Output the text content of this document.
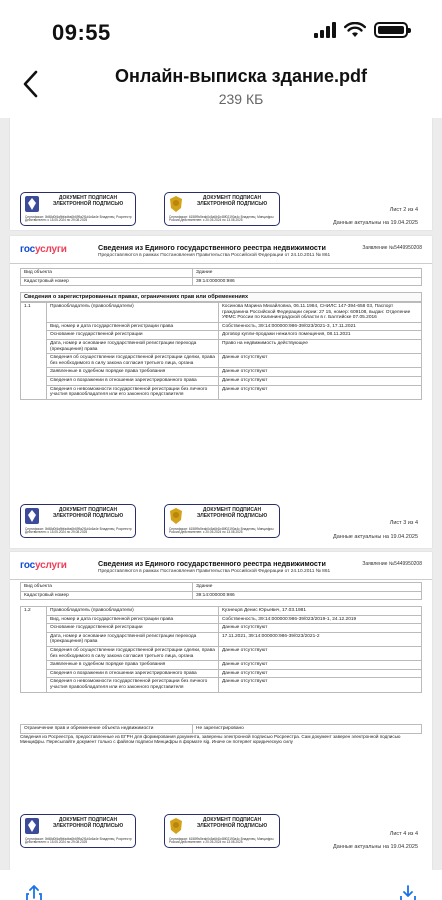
09:55
Онлайн-выписка здание.pdf
239 КБ
ДОКУМЕНТ ПОДПИСАН ЭЛЕКТРОННОЙ ПОДПИСЬЮ
Сертификат: 0b58d0f4a9bfadba0b699a2f1d4c6a4e Владелец: Росреестр Действителен: с 15.05.2024 по 29.08.2025
ДОКУМЕНТ ПОДПИСАН ЭЛЕКТРОННОЙ ПОДПИСЬЮ
Сертификат: 6158f9c5eab0c5a6b1b48f02190a4c Владелец: Минцифры России Действителен: с 20.05.2024 по 13.08.2025
Лист 2 из 4
Данные актуальны на 19.04.2025
госуслуги	Сведения из Единого государственного реестра недвижимости
Предоставляются в рамках Постановления Правительства Российской Федерации от 24.10.2011 № 861
Заявление №5449950208
Вид объекта	Здание
Кадастровый номер	39:14:000000:986
Сведения о зарегистрированных правах, ограничениях прав или обременениях
1.1	Правообладатель (правообладатели)	Косинова Марина Михайловна, 06.11.1984, СНИЛС 147-394-658 03, Паспорт гражданина Российской Федерации серии: 27 15, номер: 609108, выдан: Отделение УФМС России по Калининградской области в г. Балтийске 07.05.2016
	Вид, номер и дата государственной регистрации права	Собственность, 39:14:000000:986-39/023/2021-3, 17.11.2021
	Основание государственной регистрации	Договор купли-продажи нежилого помещения, 08.11.2021
	Дата, номер и основание государственной регистрации перехода (прекращения) права	Право на недвижимость действующее
	Сведения об осуществлении государственной регистрации сделки, права без необходимого в силу закона согласия третьего лица, органа	Данные отсутствуют
	Заявленные в судебном порядке права требования	Данные отсутствуют
	Сведения о возражении в отношении зарегистрированного права	Данные отсутствуют
	Сведения о невозможности государственной регистрации без личного участия правообладателя или его законного представителя	Данные отсутствуют
ДОКУМЕНТ ПОДПИСАН ЭЛЕКТРОННОЙ ПОДПИСЬЮ
Сертификат: 0b58d0f4a9bfadba0b699a2f1d4c6a4e Владелец: Росреестр Действителен: с 15.05.2024 по 29.08.2025
ДОКУМЕНТ ПОДПИСАН ЭЛЕКТРОННОЙ ПОДПИСЬЮ
Сертификат: 6158f9c5eab0c5a6b1b48f02190a4c Владелец: Минцифры России Действителен: с 20.05.2024 по 13.08.2025
Лист 3 из 4
Данные актуальны на 19.04.2025
госуслуги	Сведения из Единого государственного реестра недвижимости
Предоставляются в рамках Постановления Правительства Российской Федерации от 24.10.2011 № 861
Заявление №5449950208
Вид объекта	Здание
Кадастровый номер	39:14:000000:986
1.2	Правообладатель (правообладатели)	Кузнецов Денис Юрьевич, 17.03.1981
	Вид, номер и дата государственной регистрации права	Собственность, 39:14:000000:986-39/023/2019-1, 24.12.2019
	Основание государственной регистрации	Данные отсутствуют
	Дата, номер и основание государственной регистрации перехода (прекращения) права	17.11.2021, 39:14:000000:986-39/023/2021-2
	Сведения об осуществлении государственной регистрации сделки, права без необходимого в силу закона согласия третьего лица, органа	Данные отсутствуют
	Заявленные в судебном порядке права требования	Данные отсутствуют
	Сведения о возражении в отношении зарегистрированного права	Данные отсутствуют
	Сведения о невозможности государственной регистрации без личного участия правообладателя или его законного представителя	Данные отсутствуют
Ограничение прав и обременение объекта недвижимости	Не зарегистрировано
Сведения из Росреестра, предоставленные из ЕГРН для формирования документа, заверены электронной подписью Росреестра. Сам документ заверен электронной подписью Минцифры. Пересылайте документ только с файлом подписи Минцифры в формате sig. Иначе он потеряет юридическую силу
ДОКУМЕНТ ПОДПИСАН ЭЛЕКТРОННОЙ ПОДПИСЬЮ
Сертификат: 0b58d0f4a9bfadba0b699a2f1d4c6a4e Владелец: Росреестр Действителен: с 15.05.2024 по 29.08.2025
ДОКУМЕНТ ПОДПИСАН ЭЛЕКТРОННОЙ ПОДПИСЬЮ
Сертификат: 6158f9c5eab0c5a6b1b48f02190a4c Владелец: Минцифры России Действителен: с 20.05.2024 по 13.08.2025
Лист 4 из 4
Данные актуальны на 19.04.2025
